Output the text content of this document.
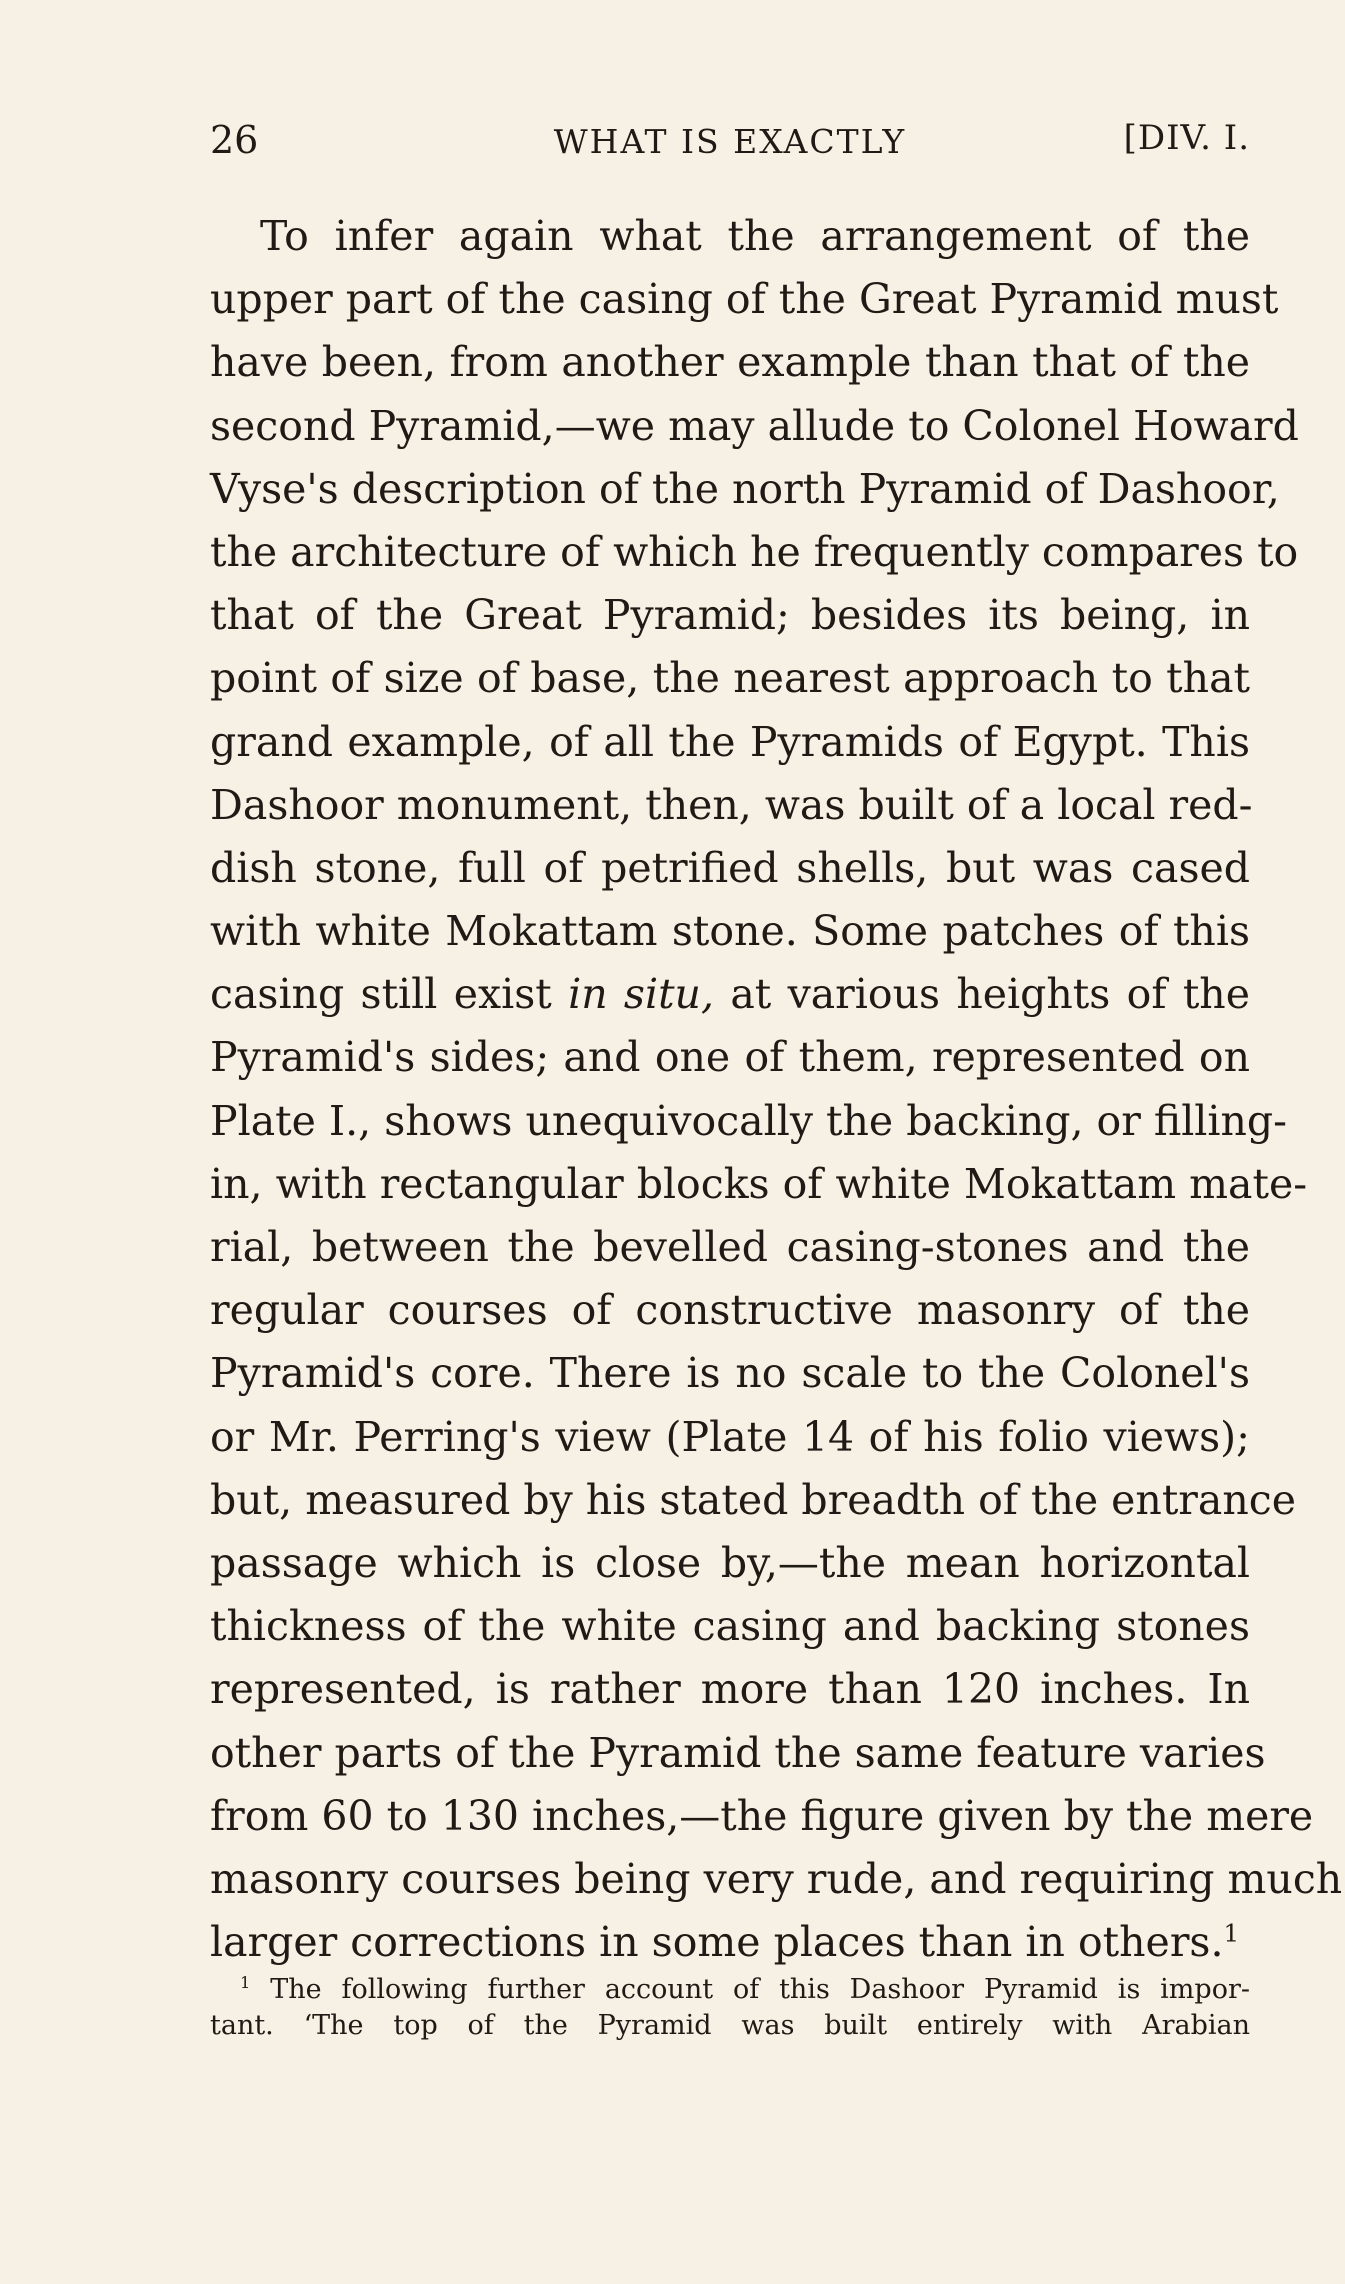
26	WHAT IS EXACTLY	[DIV. I.
To infer again what the arrangement of the
upper part of the casing of the Great Pyramid must
have been, from another example than that of the
second Pyramid,—we may allude to Colonel Howard
Vyse's description of the north Pyramid of Dashoor,
the architecture of which he frequently compares to
that of the Great Pyramid; besides its being, in
point of size of base, the nearest approach to that
grand example, of all the Pyramids of Egypt. This
Dashoor monument, then, was built of a local red-
dish stone, full of petrified shells, but was cased
with white Mokattam stone. Some patches of this
casing still exist in situ, at various heights of the
Pyramid's sides; and one of them, represented on
Plate I., shows unequivocally the backing, or filling-
in, with rectangular blocks of white Mokattam mate-
rial, between the bevelled casing-stones and the
regular courses of constructive masonry of the
Pyramid's core. There is no scale to the Colonel's
or Mr. Perring's view (Plate 14 of his folio views);
but, measured by his stated breadth of the entrance
passage which is close by,—the mean horizontal
thickness of the white casing and backing stones
represented, is rather more than 120 inches. In
other parts of the Pyramid the same feature varies
from 60 to 130 inches,—the figure given by the mere
masonry courses being very rude, and requiring much
larger corrections in some places than in others.$^1$
$^1$ The following further account of this Dashoor Pyramid is impor-
tant. ‘The top of the Pyramid was built entirely with Arabian
